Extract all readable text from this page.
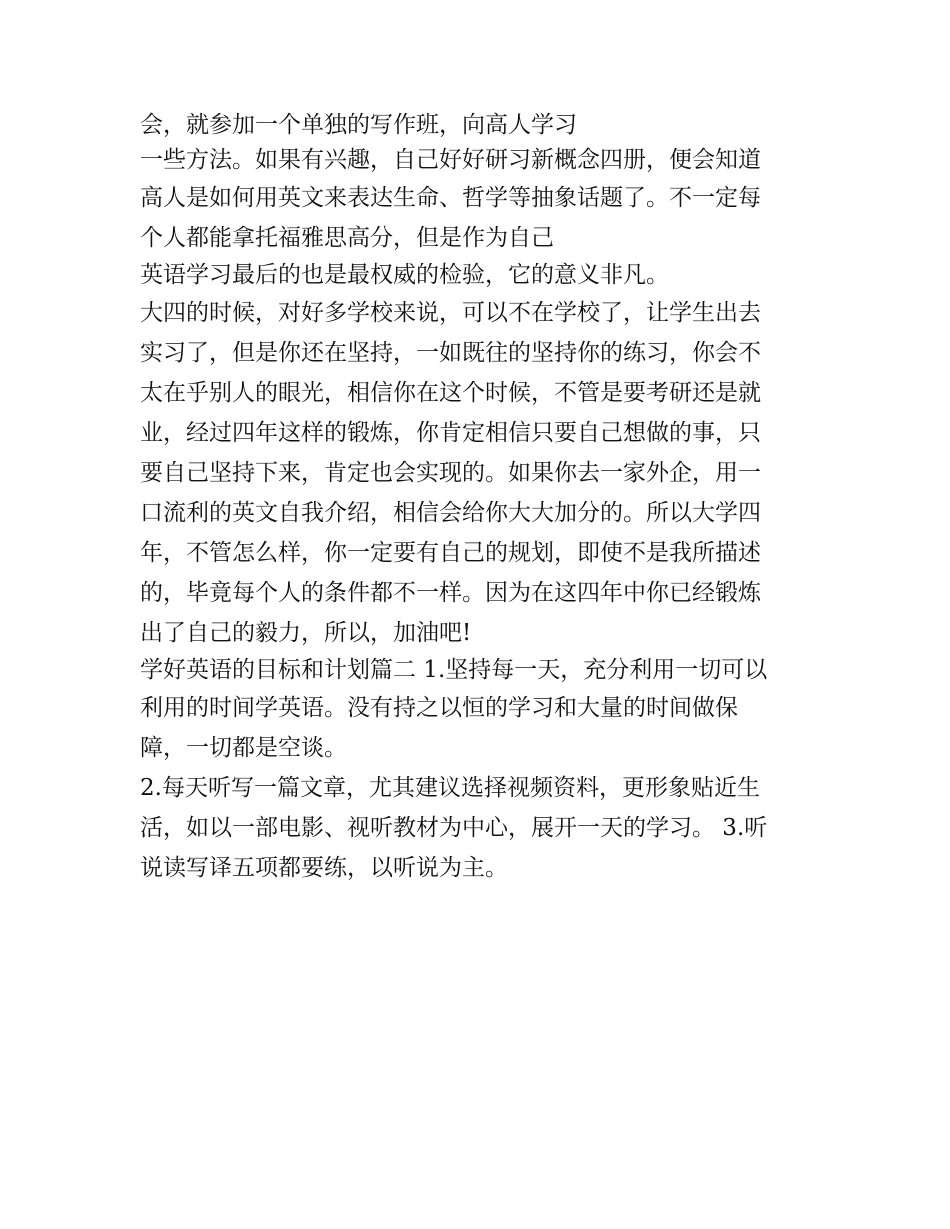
会，就参加一个单独的写作班，向高人学习
一些方法。如果有兴趣，自己好好研习新概念四册，便会知道
高人是如何用英文来表达生命、哲学等抽象话题了。不一定每
个人都能拿托福雅思高分，但是作为自己
英语学习最后的也是最权威的检验，它的意义非凡。
大四的时候，对好多学校来说，可以不在学校了，让学生出去
实习了，但是你还在坚持，一如既往的坚持你的练习，你会不
太在乎别人的眼光，相信你在这个时候，不管是要考研还是就
业，经过四年这样的锻炼，你肯定相信只要自己想做的事，只
要自己坚持下来，肯定也会实现的。如果你去一家外企，用一
口流利的英文自我介绍，相信会给你大大加分的。所以大学四
年，不管怎么样，你一定要有自己的规划，即使不是我所描述
的，毕竟每个人的条件都不一样。因为在这四年中你已经锻炼
出了自己的毅力，所以，加油吧!
学好英语的目标和计划篇二 1.坚持每一天，充分利用一切可以
利用的时间学英语。没有持之以恒的学习和大量的时间做保
障，一切都是空谈。
2.每天听写一篇文章，尤其建议选择视频资料，更形象贴近生
活，如以一部电影、视听教材为中心，展开一天的学习。 3.听
说读写译五项都要练，以听说为主。
